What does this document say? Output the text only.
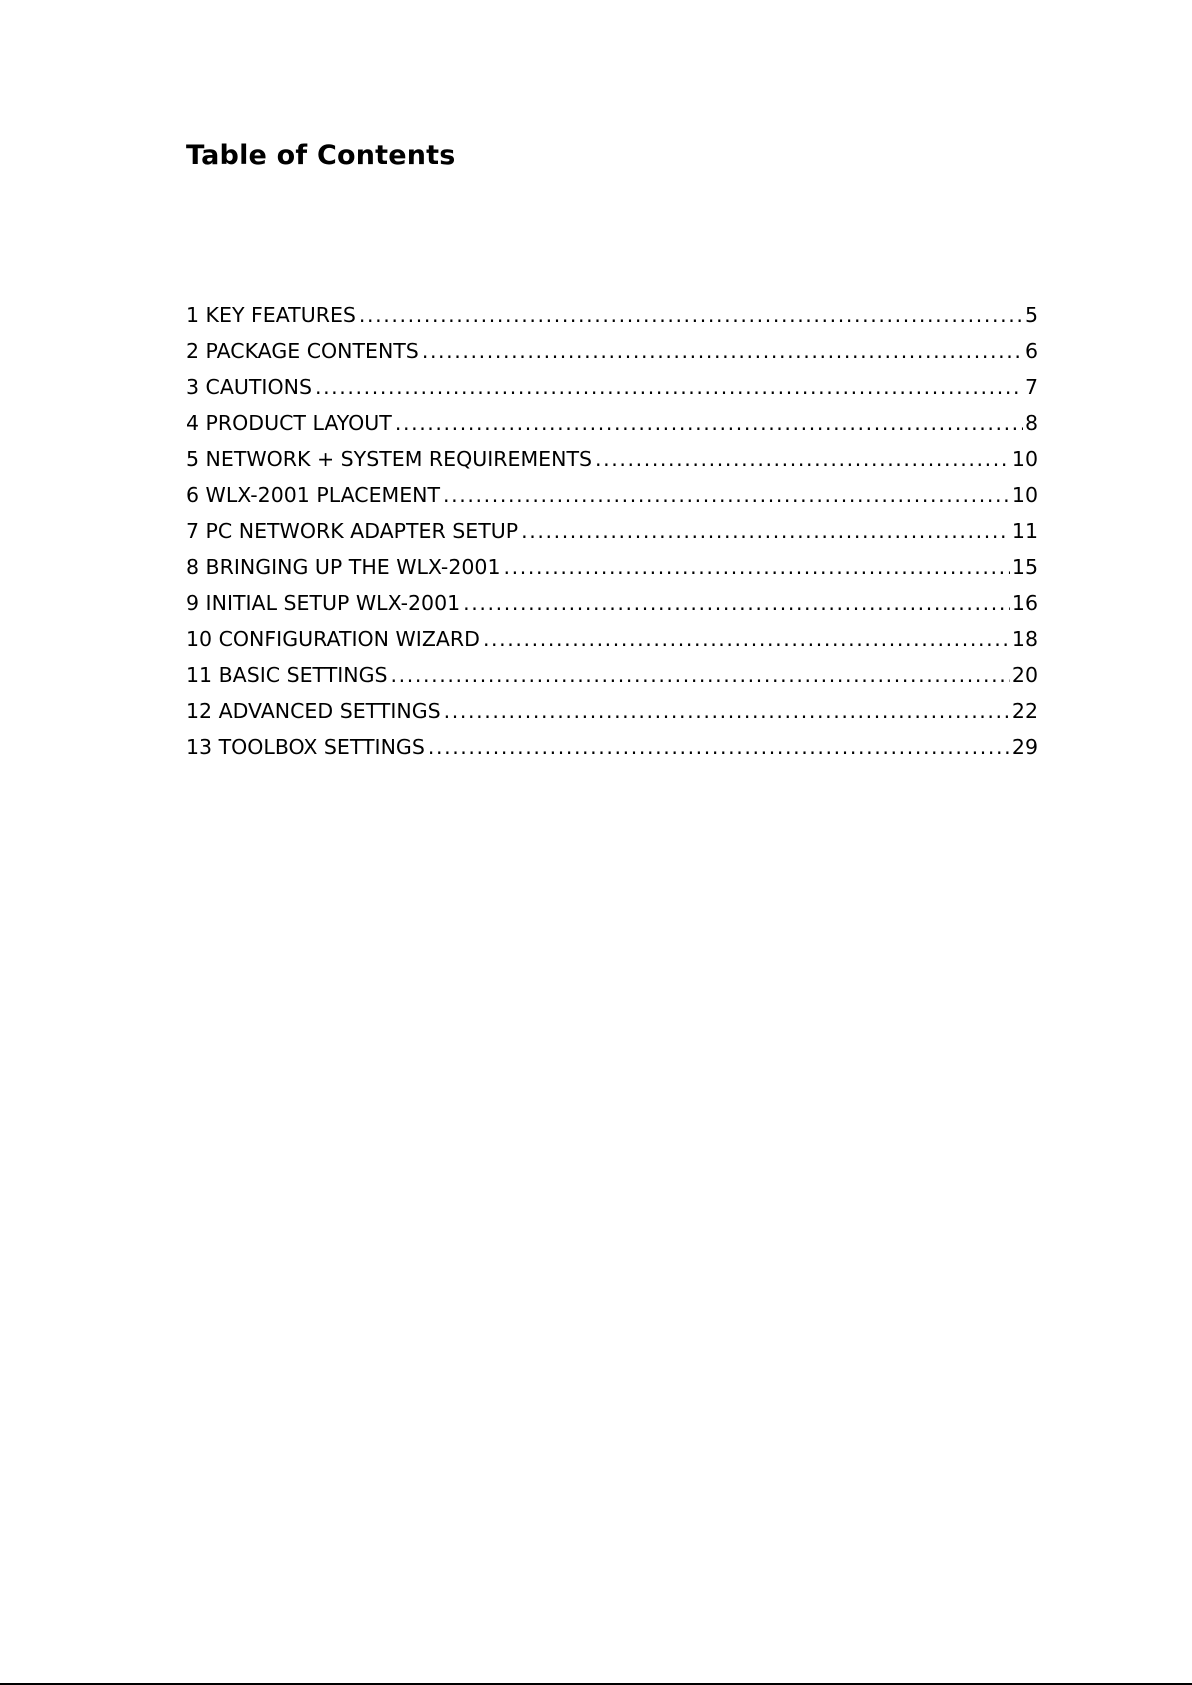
Table of Contents
1 KEY FEATURES .....	5
2 PACKAGE CONTENTS .....	6
3 CAUTIONS .....	7
4 PRODUCT LAYOUT .....	8
5 NETWORK + SYSTEM REQUIREMENTS .....	10
6 WLX-2001 PLACEMENT .....	10
7 PC NETWORK ADAPTER SETUP .....	11
8 BRINGING UP THE WLX-2001 .....	15
9 INITIAL SETUP WLX-2001 .....	16
10 CONFIGURATION WIZARD .....	18
11 BASIC SETTINGS .....	20
12 ADVANCED SETTINGS .....	22
13 TOOLBOX SETTINGS .....	29
